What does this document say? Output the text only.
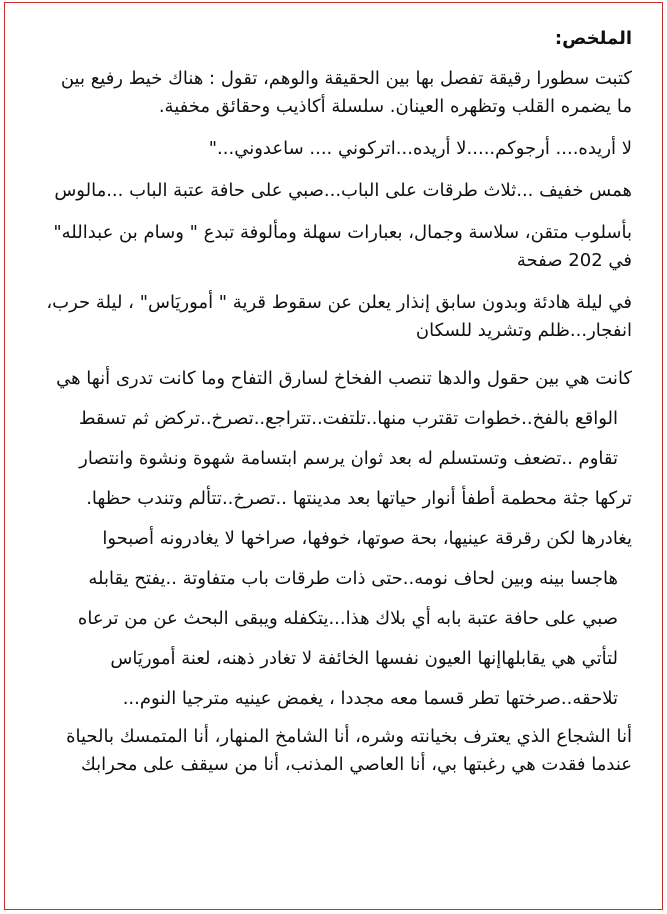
الملخص:
كتبت سطورا رقيقة تفصل بها بين الحقيقة والوهم، تقول : هناك خيط رفيع بين
ما يضمره القلب وتظهره العينان. سلسلة أكاذيب وحقائق مخفية.
لا أريده.... أرجوكم.....لا أريده...اتركوني .... ساعدوني..."
همس خفيف ...ثلاث طرقات على الباب...صبي على حافة عتبة الباب ...مالوس
بأسلوب متقن، سلاسة وجمال، بعبارات سهلة ومألوفة تبدع " وسام بن عبدالله"
في 202 صفحة
في ليلة هادئة وبدون سابق إنذار يعلن عن سقوط قرية " أموريَاس" ، ليلة حرب،
انفجار...ظلم وتشريد للسكان
كانت هي بين حقول والدها تنصب الفخاخ لسارق التفاح وما كانت تدرى أنها هي
الواقع بالفخ..خطوات تقترب منها..تلتفت..تتراجع..تصرخ..تركض ثم تسقط
تقاوم ..تضعف وتستسلم له بعد ثوان يرسم ابتسامة شهوة ونشوة وانتصار
تركها جثة محطمة أطفأ أنوار حياتها بعد مدينتها ..تصرخ..تتألم وتندب حظها.
يغادرها لكن رقرقة عينيها، بحة صوتها، خوفها، صراخها لا يغادرونه أصبحوا
هاجسا بينه وبين لحاف نومه..حتى ذات طرقات باب متفاوتة ..يفتح يقابله
صبي على حافة عتبة بابه أي بلاك هذا...يتكفله ويبقى البحث عن من ترعاه
لتأتي هي يقابلهاإنها العيون نفسها الخائفة لا تغادر ذهنه، لعنة أموريَاس
تلاحقه..صرختها تطر قسما معه مجددا ، يغمض عينيه مترجيا النوم...
أنا الشجاع الذي يعترف بخيانته وشره، أنا الشامخ المنهار، أنا المتمسك بالحياة
عندما فقدت هي رغبتها بي، أنا العاصي المذنب، أنا من سيقف على محرابك
